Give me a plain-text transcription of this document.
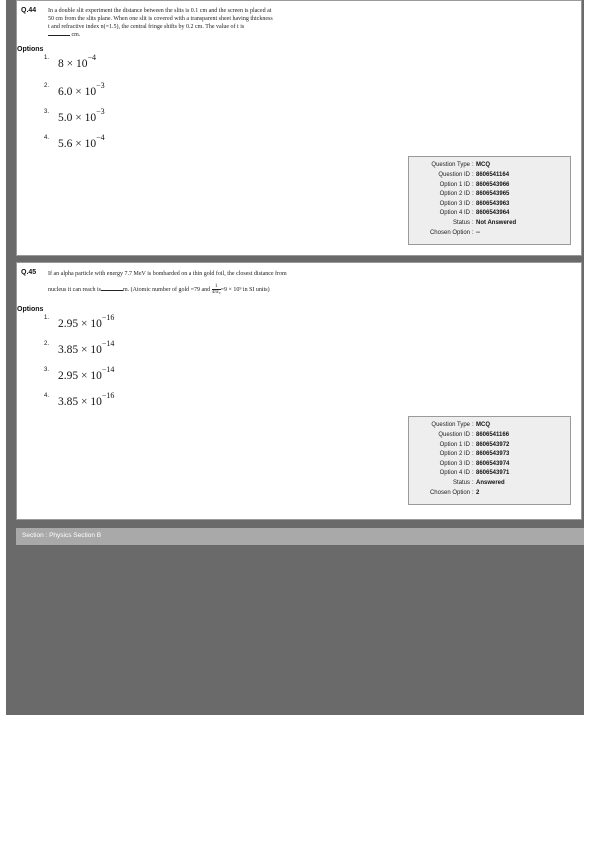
Q.44 In a double slit experiment the distance between the slits is 0.1 cm and the screen is placed at
50 cm from the slits plane. When one slit is covered with a transparent sheet having thickness
t and refractive index n(=1.5), the central fringe shifts by 0.2 cm. The value of t is
cm.
Options
1. $8 \times 10^{-4}$
2. $6.0 \times 10^{-3}$
3. $5.0 \times 10^{-3}$
4. $5.6 \times 10^{-4}$
Question Type : MCQ
Question ID : 8606541164
Option 1 ID : 8606543966
Option 2 ID : 8606543965
Option 3 ID : 8606543963
Option 4 ID : 8606543964
Status : Not Answered
Chosen Option : --
Q.45 If an alpha particle with energy 7.7 MeV is bombarded on a thin gold foil, the closest distance from
nucleus it can reach is	m. (Atomic number of gold =79 and $\frac{1}{\text{4πε₀}} =9 \times 10^9$ in SI units)
Options
1. $2.95 \times 10^{-16}$
2. $3.85 \times 10^{-14}$
3. $2.95 \times 10^{-14}$
4. $3.85 \times 10^{-16}$
Question Type : MCQ
Question ID : 8606541166
Option 1 ID : 8606543972
Option 2 ID : 8606543973
Option 3 ID : 8606543974
Option 4 ID : 8606543971
Status : Answered
Chosen Option : 2
Section : Physics Section B
